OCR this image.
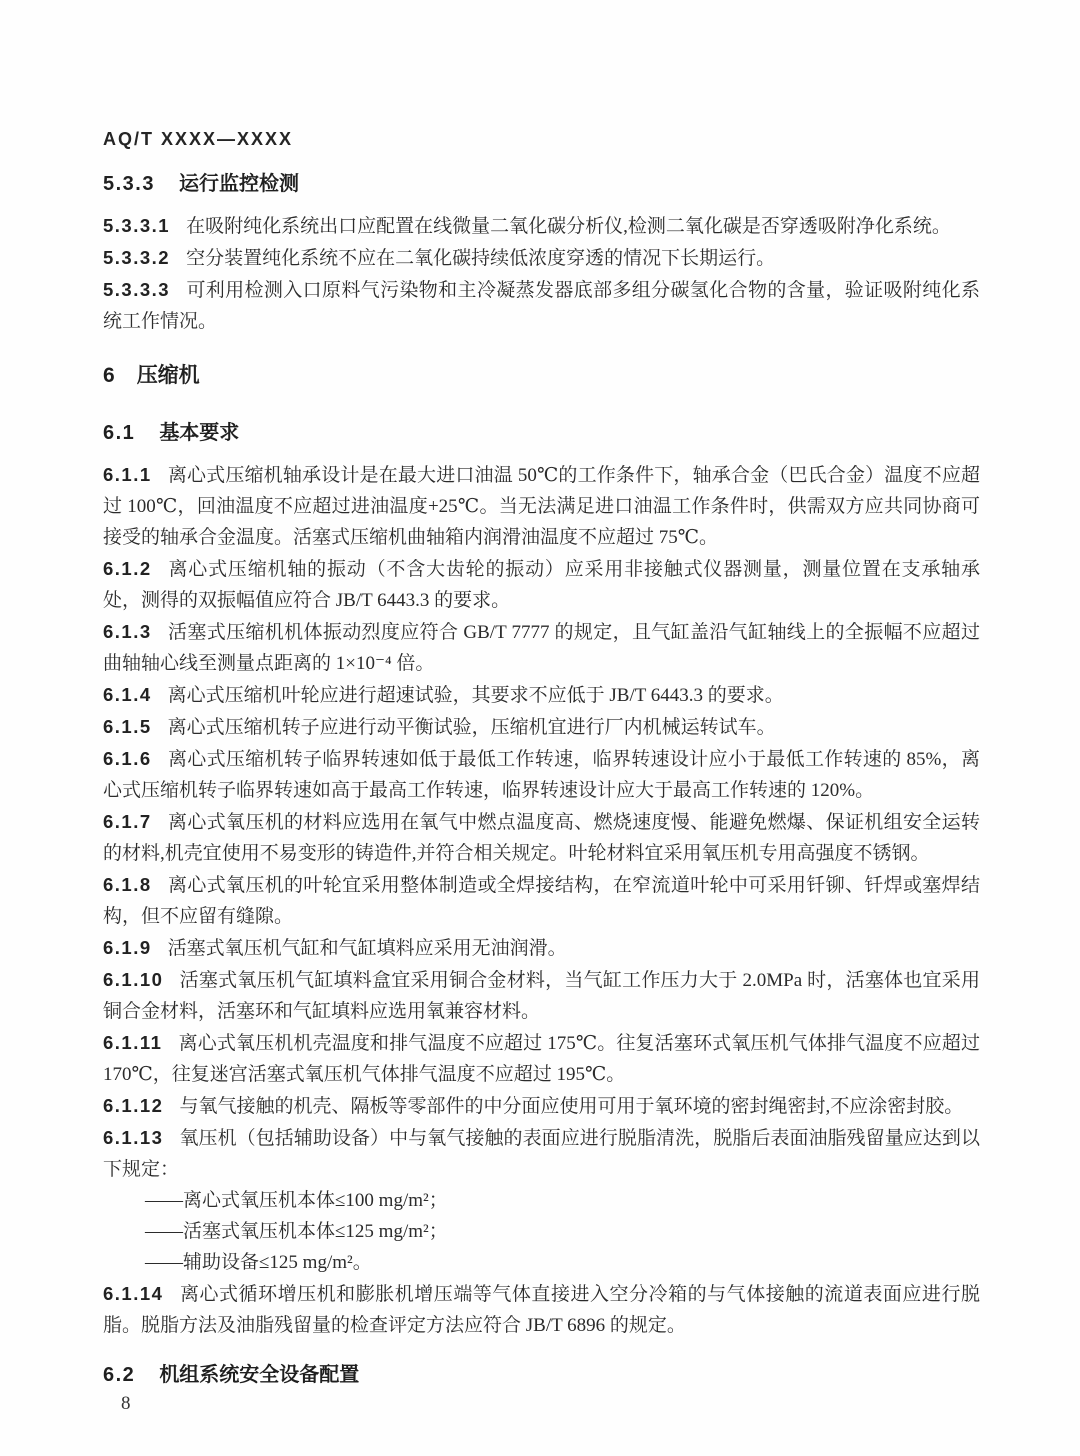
AQ/T XXXX—XXXX
5.3.3 运行监控检测
5.3.3.1 在吸附纯化系统出口应配置在线微量二氧化碳分析仪,检测二氧化碳是否穿透吸附净化系统。
5.3.3.2 空分装置纯化系统不应在二氧化碳持续低浓度穿透的情况下长期运行。
5.3.3.3 可利用检测入口原料气污染物和主冷凝蒸发器底部多组分碳氢化合物的含量，验证吸附纯化系统工作情况。
6 压缩机
6.1 基本要求
6.1.1 离心式压缩机轴承设计是在最大进口油温 50℃的工作条件下，轴承合金（巴氏合金）温度不应超过 100℃，回油温度不应超过进油温度+25℃。当无法满足进口油温工作条件时，供需双方应共同协商可接受的轴承合金温度。活塞式压缩机曲轴箱内润滑油温度不应超过 75℃。
6.1.2 离心式压缩机轴的振动（不含大齿轮的振动）应采用非接触式仪器测量，测量位置在支承轴承处，测得的双振幅值应符合 JB/T 6443.3 的要求。
6.1.3 活塞式压缩机机体振动烈度应符合 GB/T 7777 的规定，且气缸盖沿气缸轴线上的全振幅不应超过曲轴轴心线至测量点距离的 1×10⁻⁴ 倍。
6.1.4 离心式压缩机叶轮应进行超速试验，其要求不应低于 JB/T 6443.3 的要求。
6.1.5 离心式压缩机转子应进行动平衡试验，压缩机宜进行厂内机械运转试车。
6.1.6 离心式压缩机转子临界转速如低于最低工作转速，临界转速设计应小于最低工作转速的 85%，离心式压缩机转子临界转速如高于最高工作转速，临界转速设计应大于最高工作转速的 120%。
6.1.7 离心式氧压机的材料应选用在氧气中燃点温度高、燃烧速度慢、能避免燃爆、保证机组安全运转的材料,机壳宜使用不易变形的铸造件,并符合相关规定。叶轮材料宜采用氧压机专用高强度不锈钢。
6.1.8 离心式氧压机的叶轮宜采用整体制造或全焊接结构，在窄流道叶轮中可采用钎铆、钎焊或塞焊结构，但不应留有缝隙。
6.1.9 活塞式氧压机气缸和气缸填料应采用无油润滑。
6.1.10 活塞式氧压机气缸填料盒宜采用铜合金材料，当气缸工作压力大于 2.0MPa 时，活塞体也宜采用铜合金材料，活塞环和气缸填料应选用氧兼容材料。
6.1.11 离心式氧压机机壳温度和排气温度不应超过 175℃。往复活塞环式氧压机气体排气温度不应超过 170℃，往复迷宫活塞式氧压机气体排气温度不应超过 195℃。
6.1.12 与氧气接触的机壳、隔板等零部件的中分面应使用可用于氧环境的密封绳密封,不应涂密封胶。
6.1.13 氧压机（包括辅助设备）中与氧气接触的表面应进行脱脂清洗，脱脂后表面油脂残留量应达到以下规定：
——离心式氧压机本体≤100 mg/m²；
——活塞式氧压机本体≤125 mg/m²；
——辅助设备≤125 mg/m²。
6.1.14 离心式循环增压机和膨胀机增压端等气体直接进入空分冷箱的与气体接触的流道表面应进行脱脂。脱脂方法及油脂残留量的检查评定方法应符合 JB/T 6896 的规定。
6.2 机组系统安全设备配置
8
